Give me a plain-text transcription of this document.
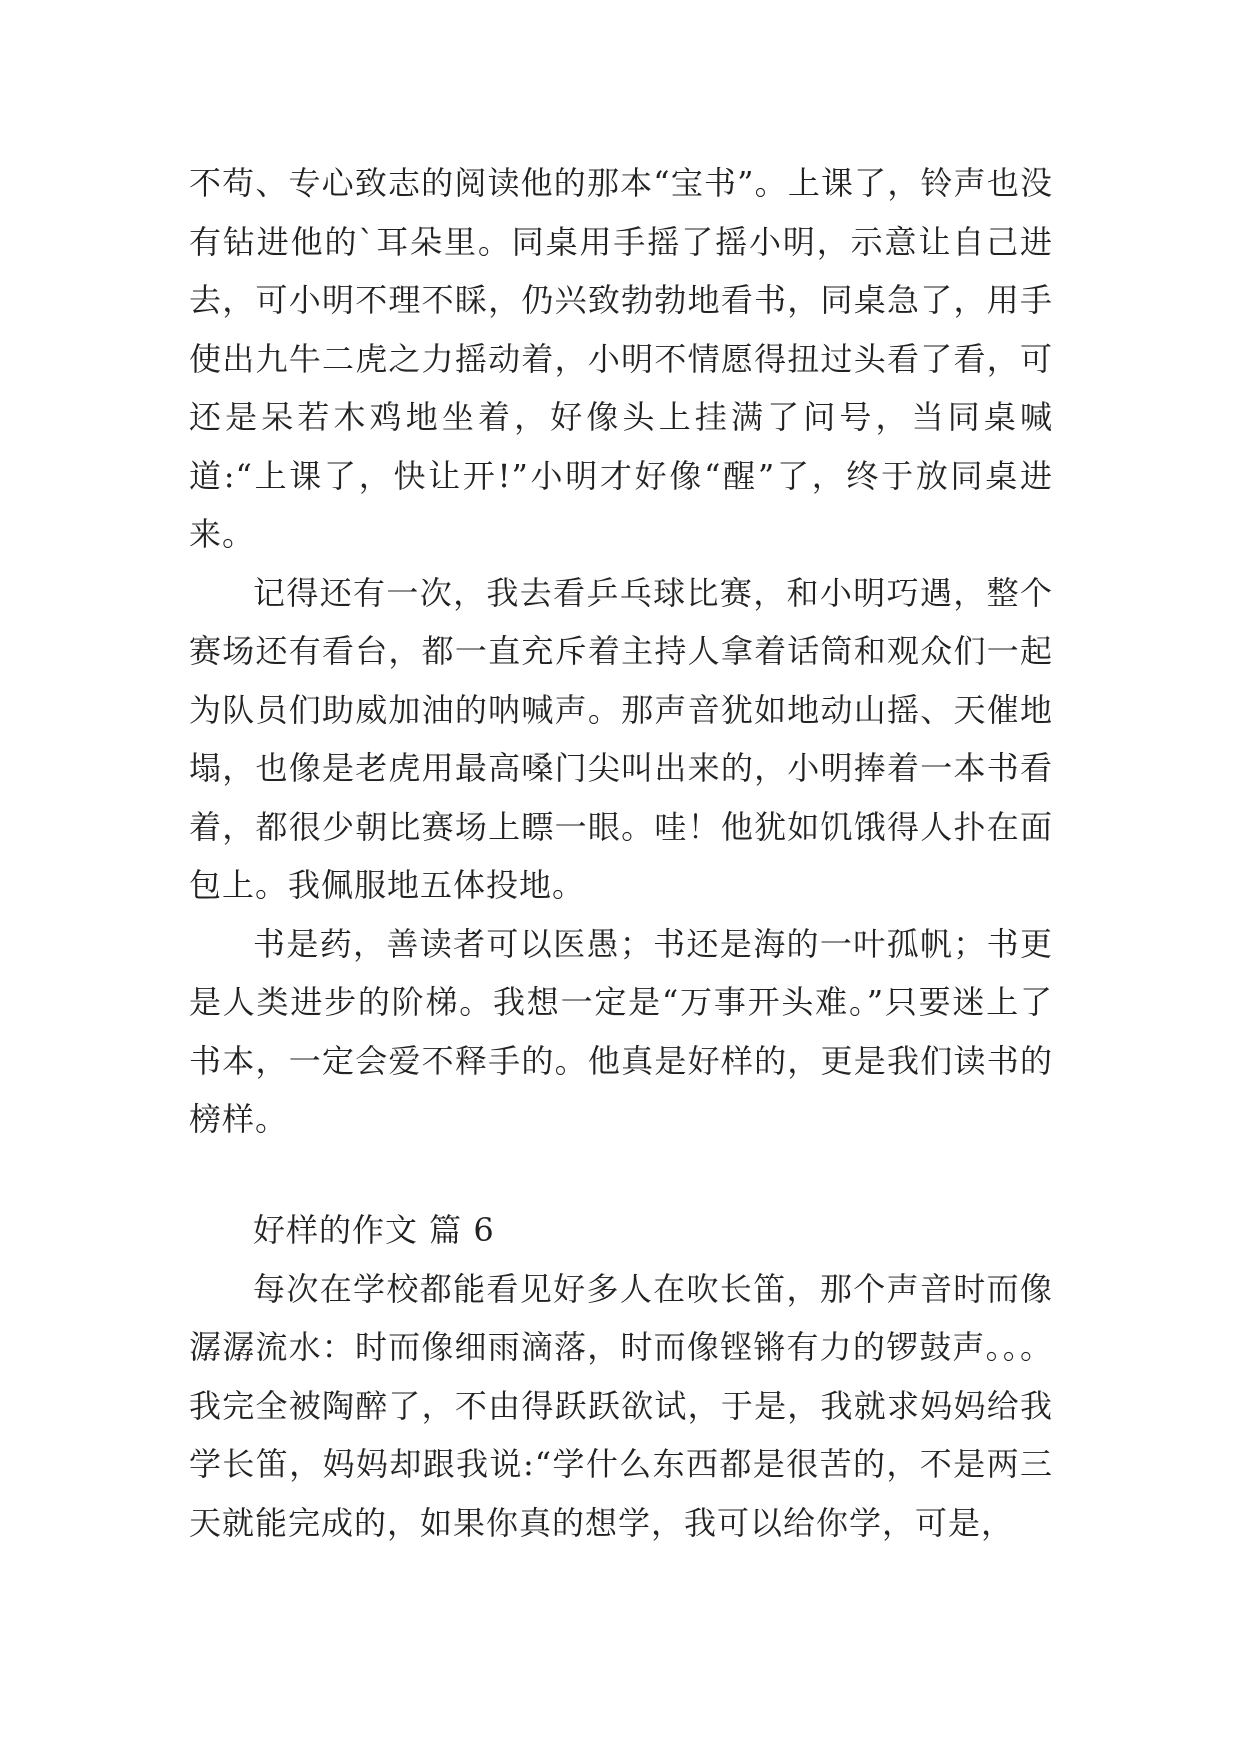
不苟、专心致志的阅读他的那本“宝书”。上课了，铃声也没有钻进他的`耳朵里。同桌用手摇了摇小明，示意让自己进去，可小明不理不睬，仍兴致勃勃地看书，同桌急了，用手使出九牛二虎之力摇动着，小明不情愿得扭过头看了看，可还是呆若木鸡地坐着，好像头上挂满了问号，当同桌喊道:“上课了，快让开!”小明才好像“醒”了，终于放同桌进来。

记得还有一次，我去看乒乓球比赛，和小明巧遇，整个赛场还有看台，都一直充斥着主持人拿着话筒和观众们一起为队员们助威加油的呐喊声。那声音犹如地动山摇、天催地塌，也像是老虎用最高嗓门尖叫出来的，小明捧着一本书看着，都很少朝比赛场上瞟一眼。哇！他犹如饥饿得人扑在面包上。我佩服地五体投地。

书是药，善读者可以医愚；书还是海的一叶孤帆；书更是人类进步的阶梯。我想一定是“万事开头难。”只要迷上了书本，一定会爱不释手的。他真是好样的，更是我们读书的榜样。

好样的作文 篇 6

每次在学校都能看见好多人在吹长笛，那个声音时而像潺潺流水：时而像细雨滴落，时而像铿锵有力的锣鼓声。。。我完全被陶醉了，不由得跃跃欲试，于是，我就求妈妈给我学长笛，妈妈却跟我说:“学什么东西都是很苦的，不是两三天就能完成的，如果你真的想学，我可以给你学，可是，
